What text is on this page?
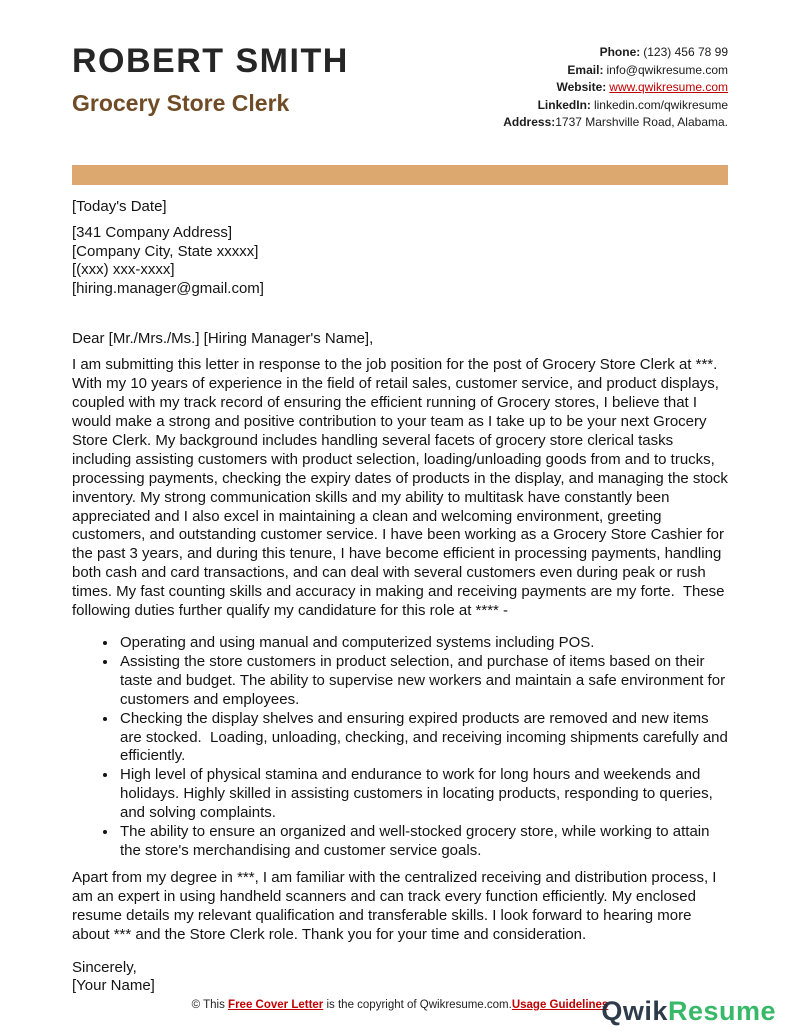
ROBERT SMITH
Grocery Store Clerk
Phone: (123) 456 78 99
Email: info@qwikresume.com
Website: www.qwikresume.com
LinkedIn: linkedin.com/qwikresume
Address:1737 Marshville Road, Alabama.
[Today's Date]
[341 Company Address]
[Company City, State xxxxx]
[(xxx) xxx-xxxx]
[hiring.manager@gmail.com]
Dear [Mr./Mrs./Ms.] [Hiring Manager's Name],

I am submitting this letter in response to the job position for the post of Grocery Store Clerk at ***. With my 10 years of experience in the field of retail sales, customer service, and product displays, coupled with my track record of ensuring the efficient running of Grocery stores, I believe that I would make a strong and positive contribution to your team as I take up to be your next Grocery Store Clerk. My background includes handling several facets of grocery store clerical tasks including assisting customers with product selection, loading/unloading goods from and to trucks, processing payments, checking the expiry dates of products in the display, and managing the stock inventory. My strong communication skills and my ability to multitask have constantly been appreciated and I also excel in maintaining a clean and welcoming environment, greeting customers, and outstanding customer service. I have been working as a Grocery Store Cashier for the past 3 years, and during this tenure, I have become efficient in processing payments, handling both cash and card transactions, and can deal with several customers even during peak or rush times. My fast counting skills and accuracy in making and receiving payments are my forte.  These following duties further qualify my candidature for this role at **** -

• Operating and using manual and computerized systems including POS.
• Assisting the store customers in product selection, and purchase of items based on their taste and budget. The ability to supervise new workers and maintain a safe environment for customers and employees.
• Checking the display shelves and ensuring expired products are removed and new items are stocked.  Loading, unloading, checking, and receiving incoming shipments carefully and efficiently.
• High level of physical stamina and endurance to work for long hours and weekends and holidays. Highly skilled in assisting customers in locating products, responding to queries, and solving complaints.
• The ability to ensure an organized and well-stocked grocery store, while working to attain the store's merchandising and customer service goals.

Apart from my degree in ***, I am familiar with the centralized receiving and distribution process, I am an expert in using handheld scanners and can track every function efficiently. My enclosed resume details my relevant qualification and transferable skills. I look forward to hearing more about *** and the Store Clerk role. Thank you for your time and consideration.

Sincerely,
[Your Name]
© This Free Cover Letter is the copyright of Qwikresume.com.Usage Guidelines
QwikResume
